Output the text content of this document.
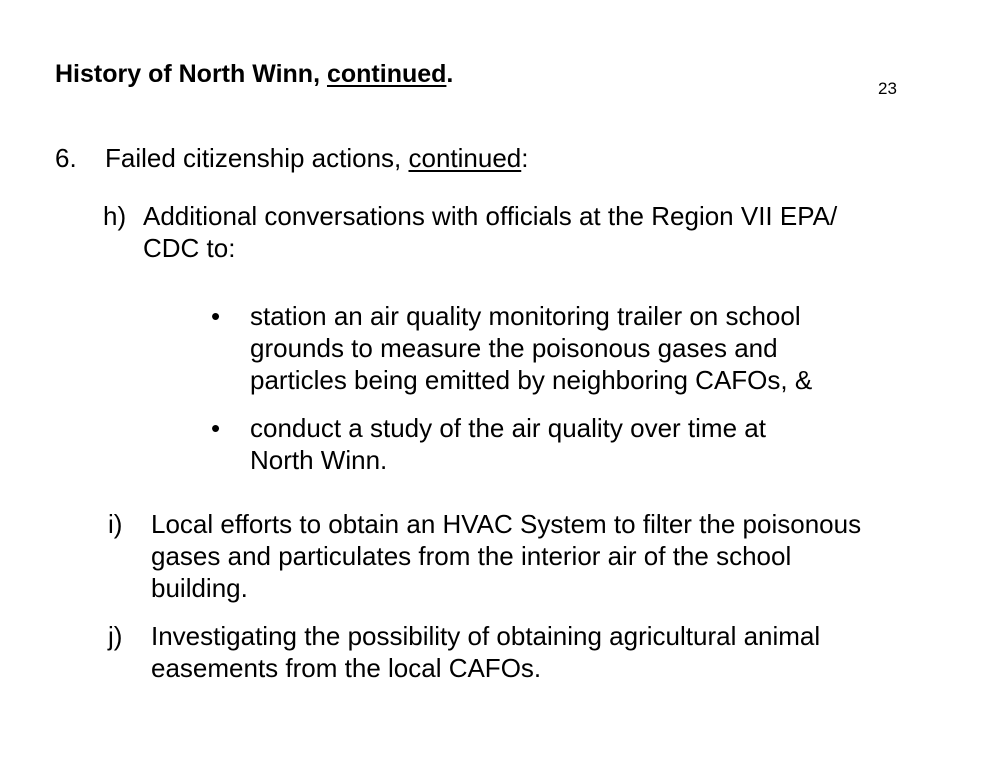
History of North Winn, continued.
23
6. Failed citizenship actions, continued:
h) Additional conversations with officials at the Region VII EPA/
CDC to:
• station an air quality monitoring trailer on school
grounds to measure the poisonous gases and
particles being emitted by neighboring CAFOs, &
• conduct a study of the air quality over time at
North Winn.
i) Local efforts to obtain an HVAC System to filter the poisonous
gases and particulates from the interior air of the school
building.
j) Investigating the possibility of obtaining agricultural animal
easements from the local CAFOs.
